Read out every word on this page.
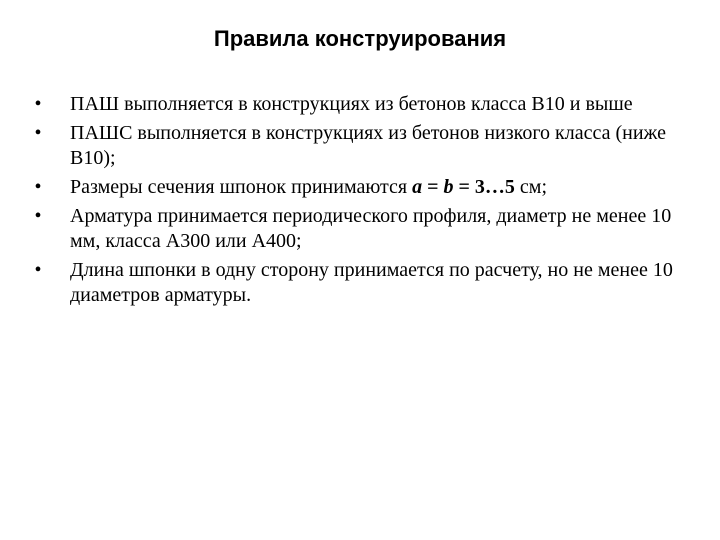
Правила конструирования
• ПАШ выполняется в конструкциях из бетонов класса В10 и выше
• ПАШС выполняется в конструкциях из бетонов низкого класса (ниже В10);
• Размеры сечения шпонок принимаются а = b = 3…5 см;
• Арматура принимается периодического профиля, диаметр не менее 10 мм, класса А300 или А400;
• Длина шпонки в одну сторону принимается по расчету, но не менее 10 диаметров арматуры.
